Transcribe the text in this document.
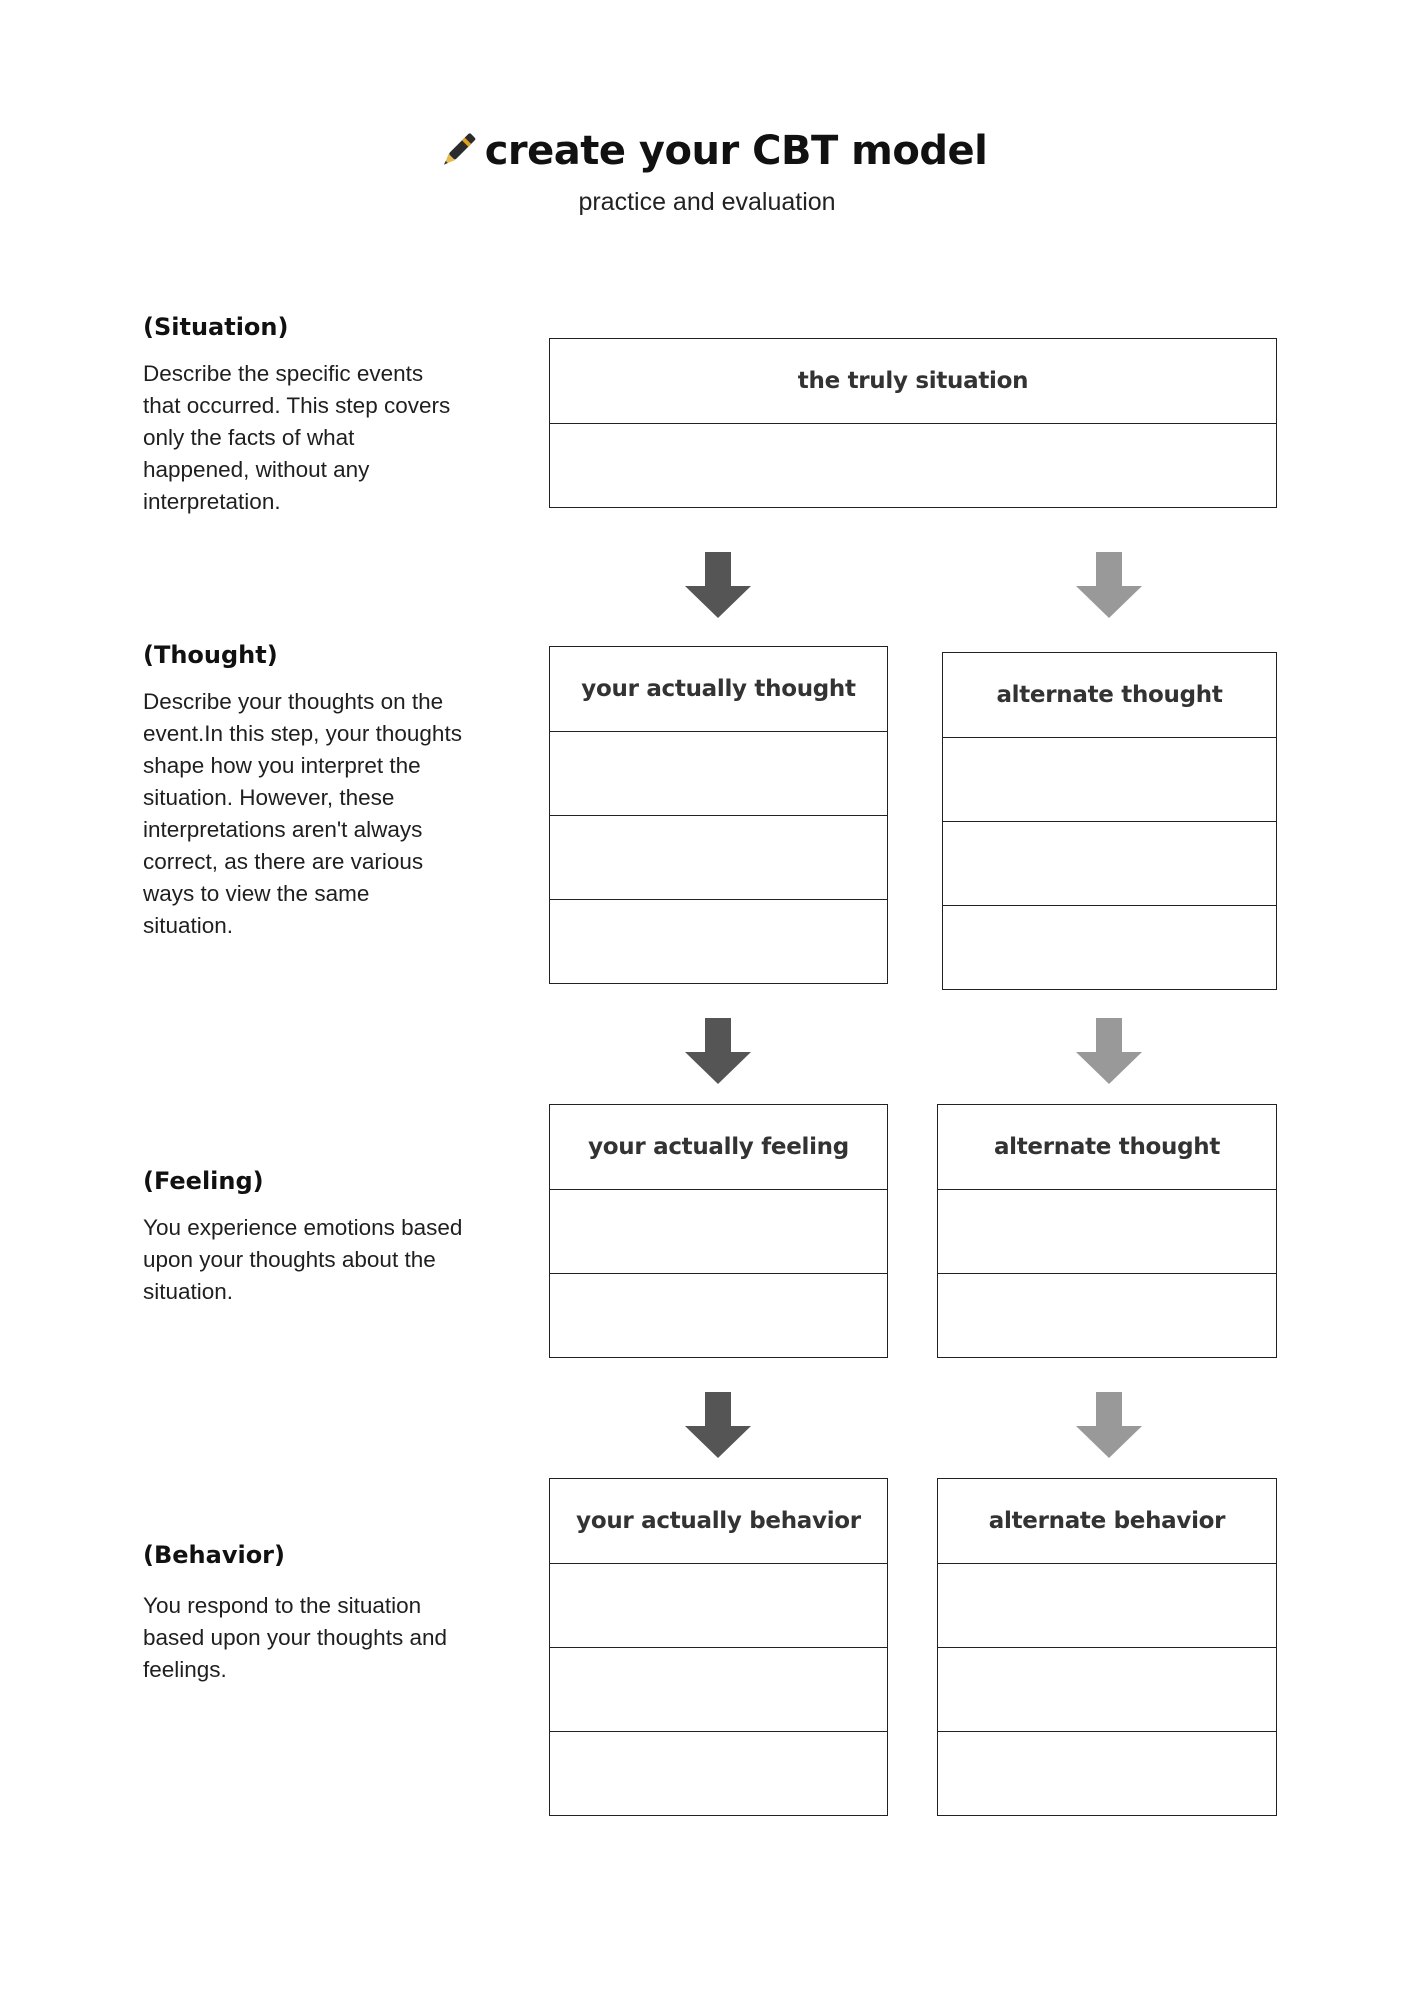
create your CBT model
practice and evaluation
(Situation)
Describe the specific events that occurred. This step covers only the facts of what happened, without any interpretation.
(Thought)
Describe your thoughts on the event.In this step, your thoughts shape how you interpret the situation. However, these interpretations aren't always correct, as there are various ways to view the same situation.
(Feeling)
You experience emotions based upon your thoughts about the situation.
(Behavior)
You respond to the situation based upon your thoughts and feelings.
the truly situation
your actually thought	alternate thought
your actually feeling	alternate thought
your actually behavior	alternate behavior
